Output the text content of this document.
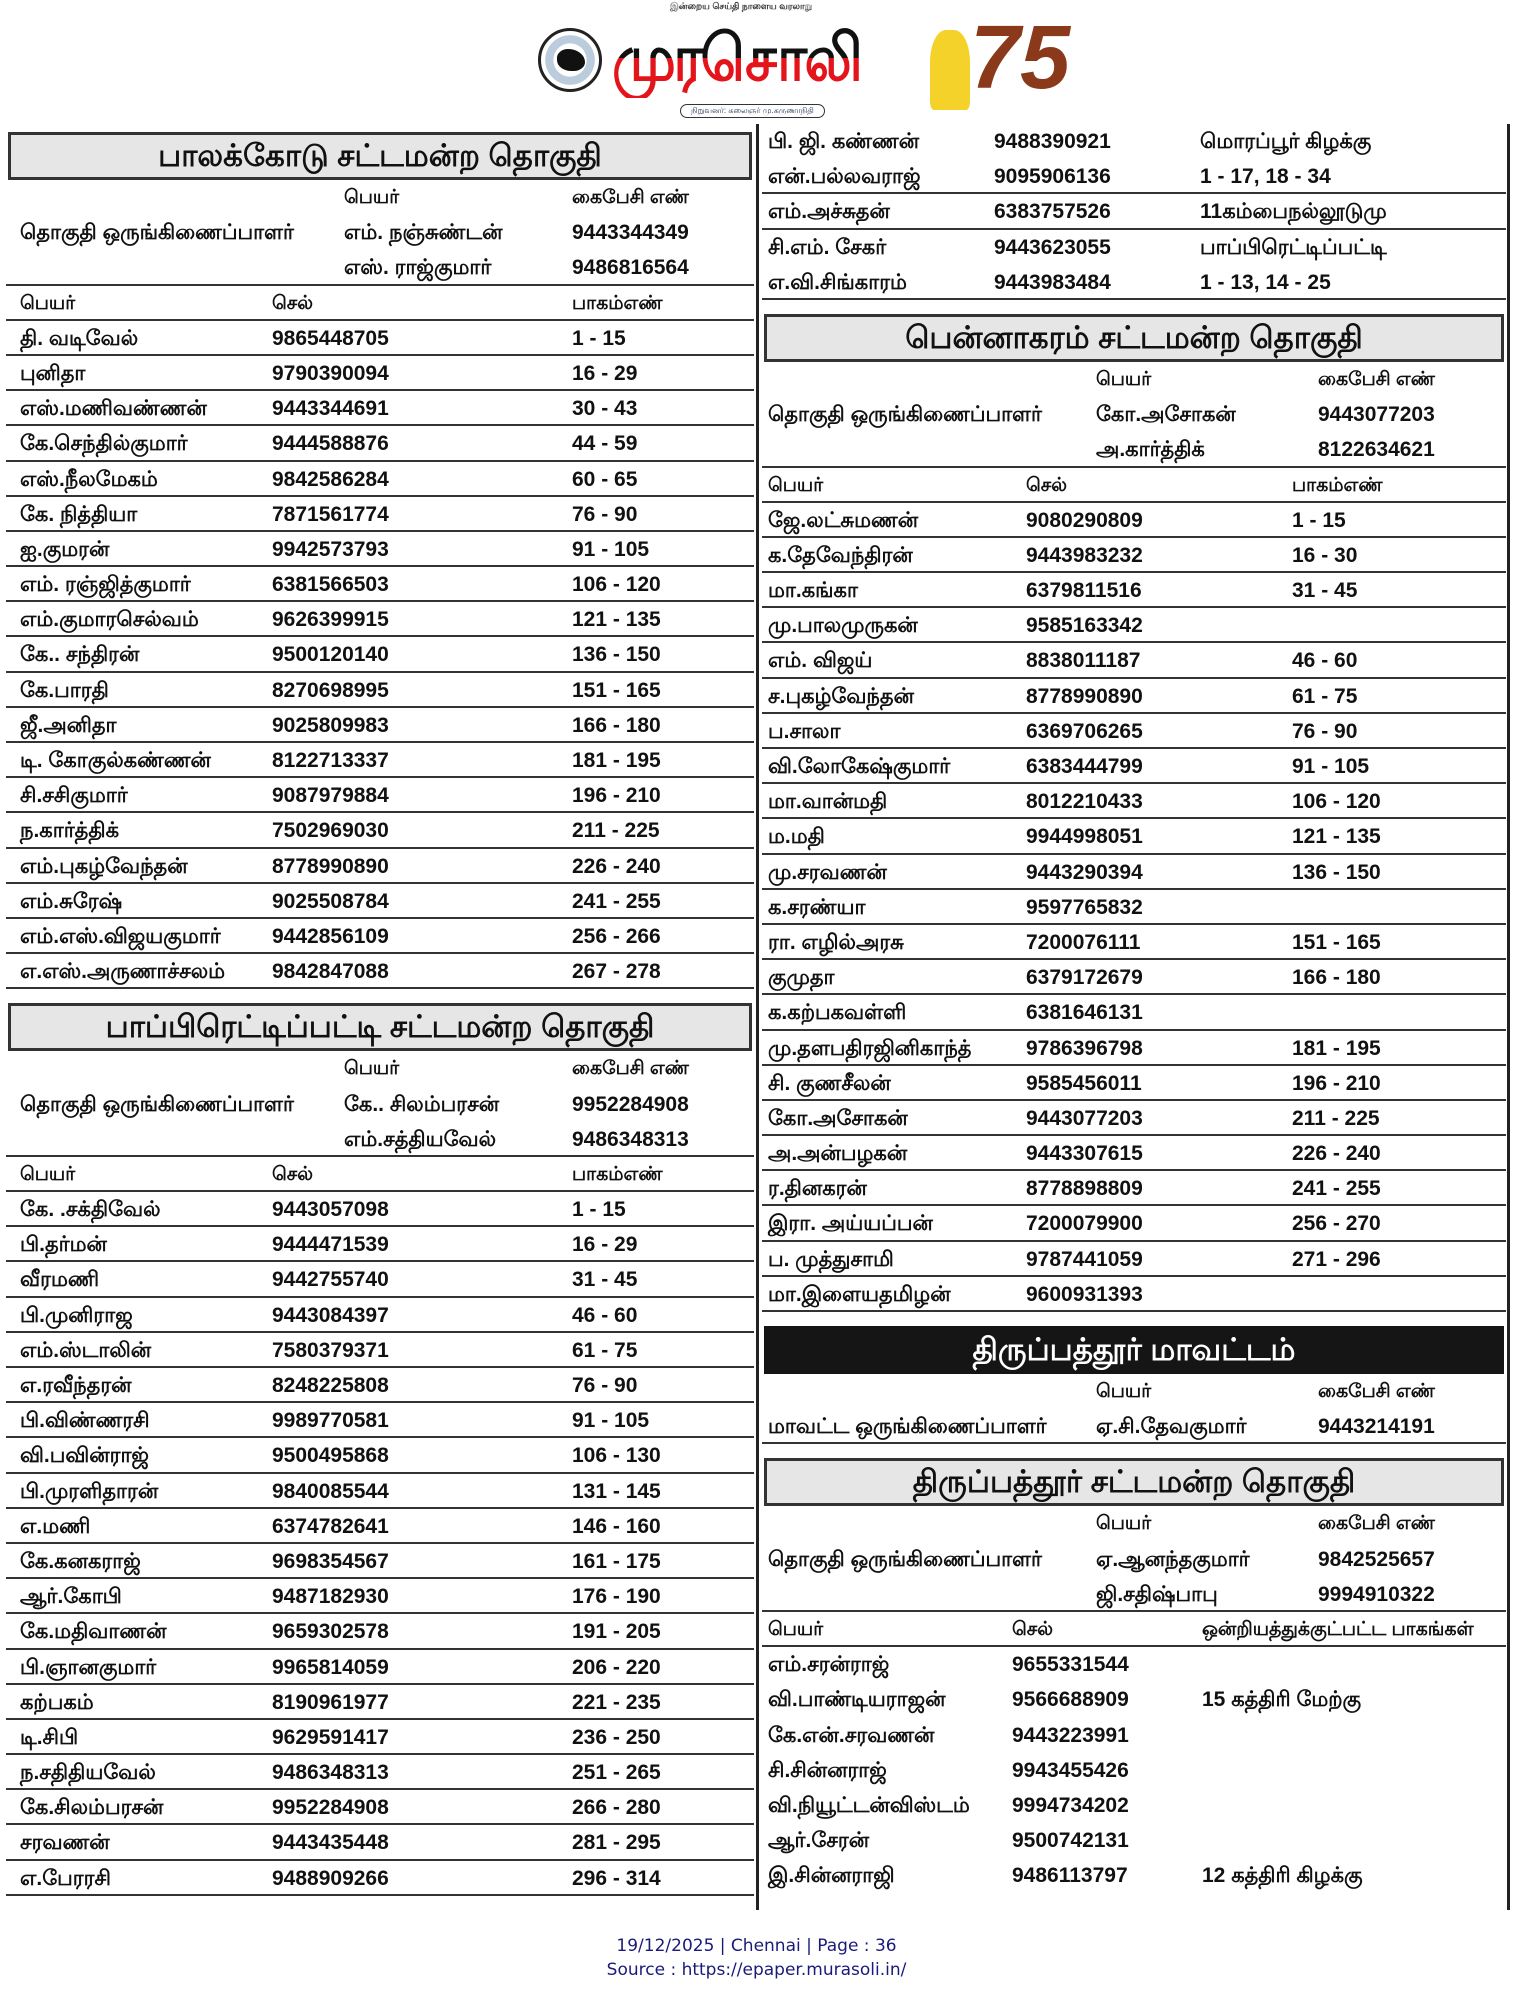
இன்றைய செய்தி நாளைய வரலாறு
முரசொலி
நிறுவனர்: கலைஞர் மு.கருணாநிதி
75
பாலக்கோடு சட்டமன்ற தொகுதி
பெயர்	கைபேசி எண்
தொகுதி ஒருங்கிணைப்பாளர் எம். நஞ்சுண்டன்	9443344349
எஸ். ராஜ்குமார்	9486816564
பெயர்	செல்	பாகம்எண்
தி. வடிவேல்	9865448705	1 - 15
புனிதா	9790390094	16 - 29
எஸ்.மணிவண்ணன்	9443344691	30 - 43
கே.செந்தில்குமார்	9444588876	44 - 59
எஸ்.நீலமேகம்	9842586284	60 - 65
கே. நித்தியா	7871561774	76 - 90
ஐ.குமரன்	9942573793	91 - 105
எம். ரஞ்ஜித்குமார்	6381566503	106 - 120
எம்.குமாரசெல்வம்	9626399915	121 - 135
கே.. சந்திரன்	9500120140	136 - 150
கே.பாரதி	8270698995	151 - 165
ஜீ.அனிதா	9025809983	166 - 180
டி. கோகுல்கண்ணன்	8122713337	181 - 195
சி.சசிகுமார்	9087979884	196 - 210
ந.கார்த்திக்	7502969030	211 - 225
எம்.புகழ்வேந்தன்	8778990890	226 - 240
எம்.சுரேஷ்	9025508784	241 - 255
எம்.எஸ்.விஜயகுமார் 9442856109	256 - 266
எ.எஸ்.அருணாச்சலம் 9842847088	267 - 278
பாப்பிரெட்டிப்பட்டி சட்டமன்ற தொகுதி
பெயர்	கைபேசி எண்
தொகுதி ஒருங்கிணைப்பாளர் கே.. சிலம்பரசன்	9952284908
எம்.சத்தியவேல்	9486348313
பெயர்	செல்	பாகம்எண்
கே. .சக்திவேல்	9443057098	1 - 15
பி.தர்மன்	9444471539	16 - 29
வீரமணி	9442755740	31 - 45
பி.முனிராஜ	9443084397	46 - 60
எம்.ஸ்டாலின்	7580379371	61 - 75
எ.ரவீந்தரன்	8248225808	76 - 90
பி.விண்ணரசி	9989770581	91 - 105
வி.பவின்ராஜ்	9500495868	106 - 130
பி.முரளிதாரன்	9840085544	131 - 145
எ.மணி	6374782641	146 - 160
கே.கனகராஜ்	9698354567	161 - 175
ஆர்.கோபி	9487182930	176 - 190
கே.மதிவாணன்	9659302578	191 - 205
பி.ஞானகுமார்	9965814059	206 - 220
கற்பகம்	8190961977	221 - 235
டி.சிபி	9629591417	236 - 250
ந.சதிதியவேல்	9486348313	251 - 265
கே.சிலம்பரசன்	9952284908	266 - 280
சரவணன்	9443435448	281 - 295
எ.பேரரசி	9488909266	296 - 314
பி. ஜி. கண்ணன்	9488390921	மொரப்பூர் கிழக்கு
என்.பல்லவராஜ்	9095906136	1 - 17, 18 - 34
எம்.அச்சுதன்	6383757526	11கம்பைநல்லூடுமு
சி.எம். சேகர்	9443623055	பாப்பிரெட்டிப்பட்டி
எ.வி.சிங்காரம்	9443983484	1 - 13, 14 - 25
பென்னாகரம் சட்டமன்ற தொகுதி
பெயர்	கைபேசி எண்
தொகுதி ஒருங்கிணைப்பாளர்	கோ.அசோகன்	9443077203
அ.கார்த்திக்	8122634621
பெயர்	செல்	பாகம்எண்
ஜே.லட்சுமணன்	9080290809	1 - 15
க.தேவேந்திரன்	9443983232	16 - 30
மா.கங்கா	6379811516	31 - 45
மு.பாலமுருகன்	9585163342
எம். விஜய்	8838011187	46 - 60
ச.புகழ்வேந்தன்	8778990890	61 - 75
ப.சாலா	6369706265	76 - 90
வி.லோகேஷ்குமார்	6383444799	91 - 105
மா.வான்மதி	8012210433	106 - 120
ம.மதி	9944998051	121 - 135
மு.சரவணன்	9443290394	136 - 150
க.சரண்யா	9597765832
ரா. எழில்அரசு	7200076111	151 - 165
குமுதா	6379172679	166 - 180
க.கற்பகவள்ளி	6381646131
மு.தளபதிரஜினிகாந்த்	9786396798	181 - 195
சி. குணசீலன்	9585456011	196 - 210
கோ.அசோகன்	9443077203	211 - 225
அ.அன்பழகன்	9443307615	226 - 240
ர.தினகரன்	8778898809	241 - 255
இரா. அய்யப்பன்	7200079900	256 - 270
ப. முத்துசாமி	9787441059	271 - 296
மா.இளையதமிழன்	9600931393
திருப்பத்தூர் மாவட்டம்
பெயர்	கைபேசி எண்
மாவட்ட ஒருங்கிணைப்பாளர் ஏ.சி.தேவகுமார்	9443214191
திருப்பத்தூர் சட்டமன்ற தொகுதி
பெயர்	கைபேசி எண்
தொகுதி ஒருங்கிணைப்பாளர்	ஏ.ஆனந்தகுமார்	9842525657
ஜி.சதிஷ்பாபு	9994910322
பெயர்	செல்	ஒன்றியத்துக்குட்பட்ட பாகங்கள்
எம்.சரன்ராஜ்	9655331544
வி.பாண்டியராஜன்	9566688909	15 கத்திரி மேற்கு
கே.என்.சரவணன்	9443223991
சி.சின்னராஜ்	9943455426
வி.நியூட்டன்விஸ்டம் 9994734202
ஆர்.சேரன்	9500742131
இ.சின்னராஜி	9486113797	12 கத்திரி கிழக்கு
19/12/2025 | Chennai | Page : 36
Source : https://epaper.murasoli.in/
